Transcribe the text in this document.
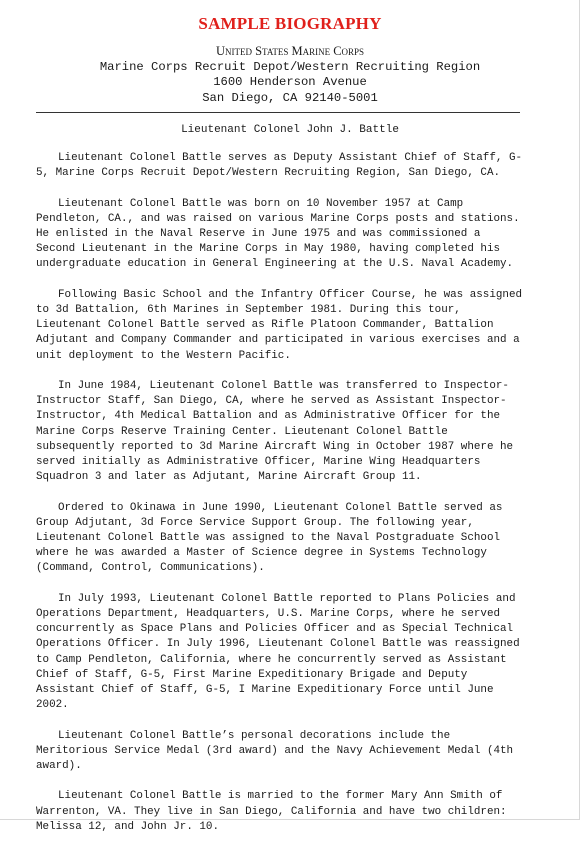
SAMPLE BIOGRAPHY
United States Marine Corps
Marine Corps Recruit Depot/Western Recruiting Region
1600 Henderson Avenue
San Diego, CA 92140-5001
Lieutenant Colonel John J. Battle

Lieutenant Colonel Battle serves as Deputy Assistant Chief of Staff, G-5, Marine Corps Recruit Depot/Western Recruiting Region, San Diego, CA.

Lieutenant Colonel Battle was born on 10 November 1957 at Camp Pendleton, CA., and was raised on various Marine Corps posts and stations. He enlisted in the Naval Reserve in June 1975 and was commissioned a Second Lieutenant in the Marine Corps in May 1980, having completed his undergraduate education in General Engineering at the U.S. Naval Academy.

Following Basic School and the Infantry Officer Course, he was assigned to 3d Battalion, 6th Marines in September 1981. During this tour, Lieutenant Colonel Battle served as Rifle Platoon Commander, Battalion Adjutant and Company Commander and participated in various exercises and a unit deployment to the Western Pacific.

In June 1984, Lieutenant Colonel Battle was transferred to Inspector-Instructor Staff, San Diego, CA, where he served as Assistant Inspector-Instructor, 4th Medical Battalion and as Administrative Officer for the Marine Corps Reserve Training Center. Lieutenant Colonel Battle subsequently reported to 3d Marine Aircraft Wing in October 1987 where he served initially as Administrative Officer, Marine Wing Headquarters Squadron 3 and later as Adjutant, Marine Aircraft Group 11.

Ordered to Okinawa in June 1990, Lieutenant Colonel Battle served as Group Adjutant, 3d Force Service Support Group. The following year, Lieutenant Colonel Battle was assigned to the Naval Postgraduate School where he was awarded a Master of Science degree in Systems Technology (Command, Control, Communications).

In July 1993, Lieutenant Colonel Battle reported to Plans Policies and Operations Department, Headquarters, U.S. Marine Corps, where he served concurrently as Space Plans and Policies Officer and as Special Technical Operations Officer. In July 1996, Lieutenant Colonel Battle was reassigned to Camp Pendleton, California, where he concurrently served as Assistant Chief of Staff, G-5, First Marine Expeditionary Brigade and Deputy Assistant Chief of Staff, G-5, I Marine Expeditionary Force until June 2002.

Lieutenant Colonel Battle’s personal decorations include the Meritorious Service Medal (3rd award) and the Navy Achievement Medal (4th award).

Lieutenant Colonel Battle is married to the former Mary Ann Smith of Warrenton, VA. They live in San Diego, California and have two children: Melissa 12, and John Jr. 10.
